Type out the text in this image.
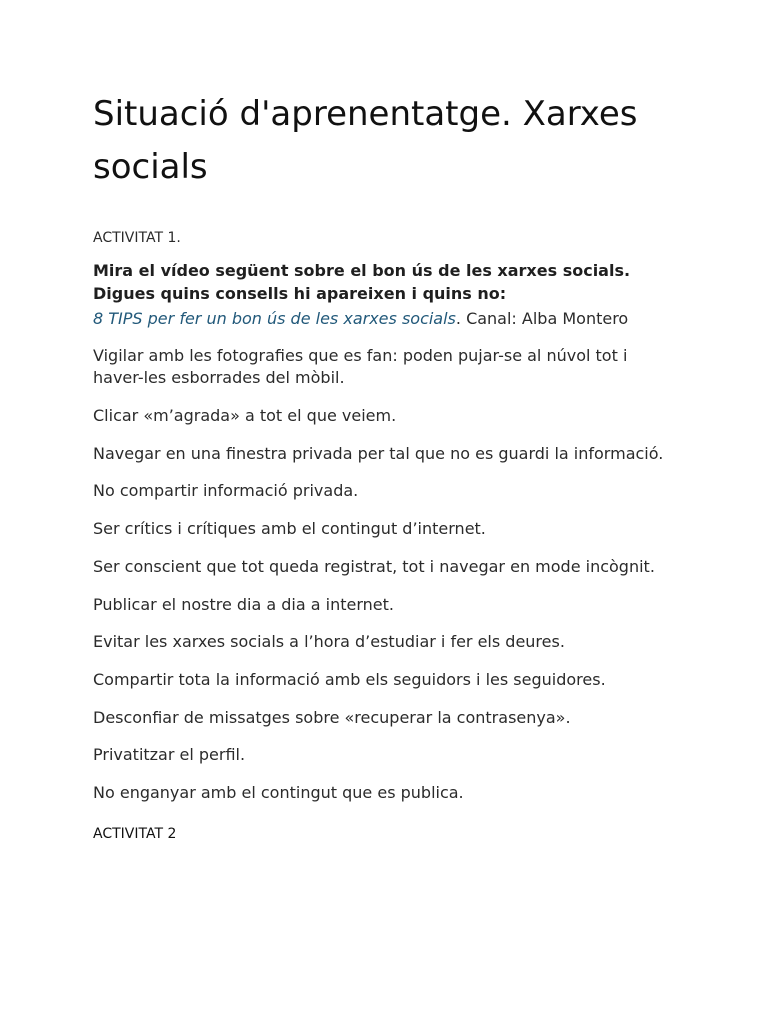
Situació d'aprenentatge. Xarxes socials

ACTIVITAT 1.

Mira el vídeo següent sobre el bon ús de les xarxes socials. Digues quins consells hi apareixen i quins no:

8 TIPS per fer un bon ús de les xarxes socials. Canal: Alba Montero

Vigilar amb les fotografies que es fan: poden pujar-se al núvol tot i haver-les esborrades del mòbil.
Clicar «m’agrada» a tot el que veiem.
Navegar en una finestra privada per tal que no es guardi la informació.
No compartir informació privada.
Ser crítics i crítiques amb el contingut d’internet.
Ser conscient que tot queda registrat, tot i navegar en mode incògnit.
Publicar el nostre dia a dia a internet.
Evitar les xarxes socials a l’hora d’estudiar i fer els deures.
Compartir tota la informació amb els seguidors i les seguidores.
Desconfiar de missatges sobre «recuperar la contrasenya».
Privatitzar el perfil.
No enganyar amb el contingut que es publica.

ACTIVITAT 2
